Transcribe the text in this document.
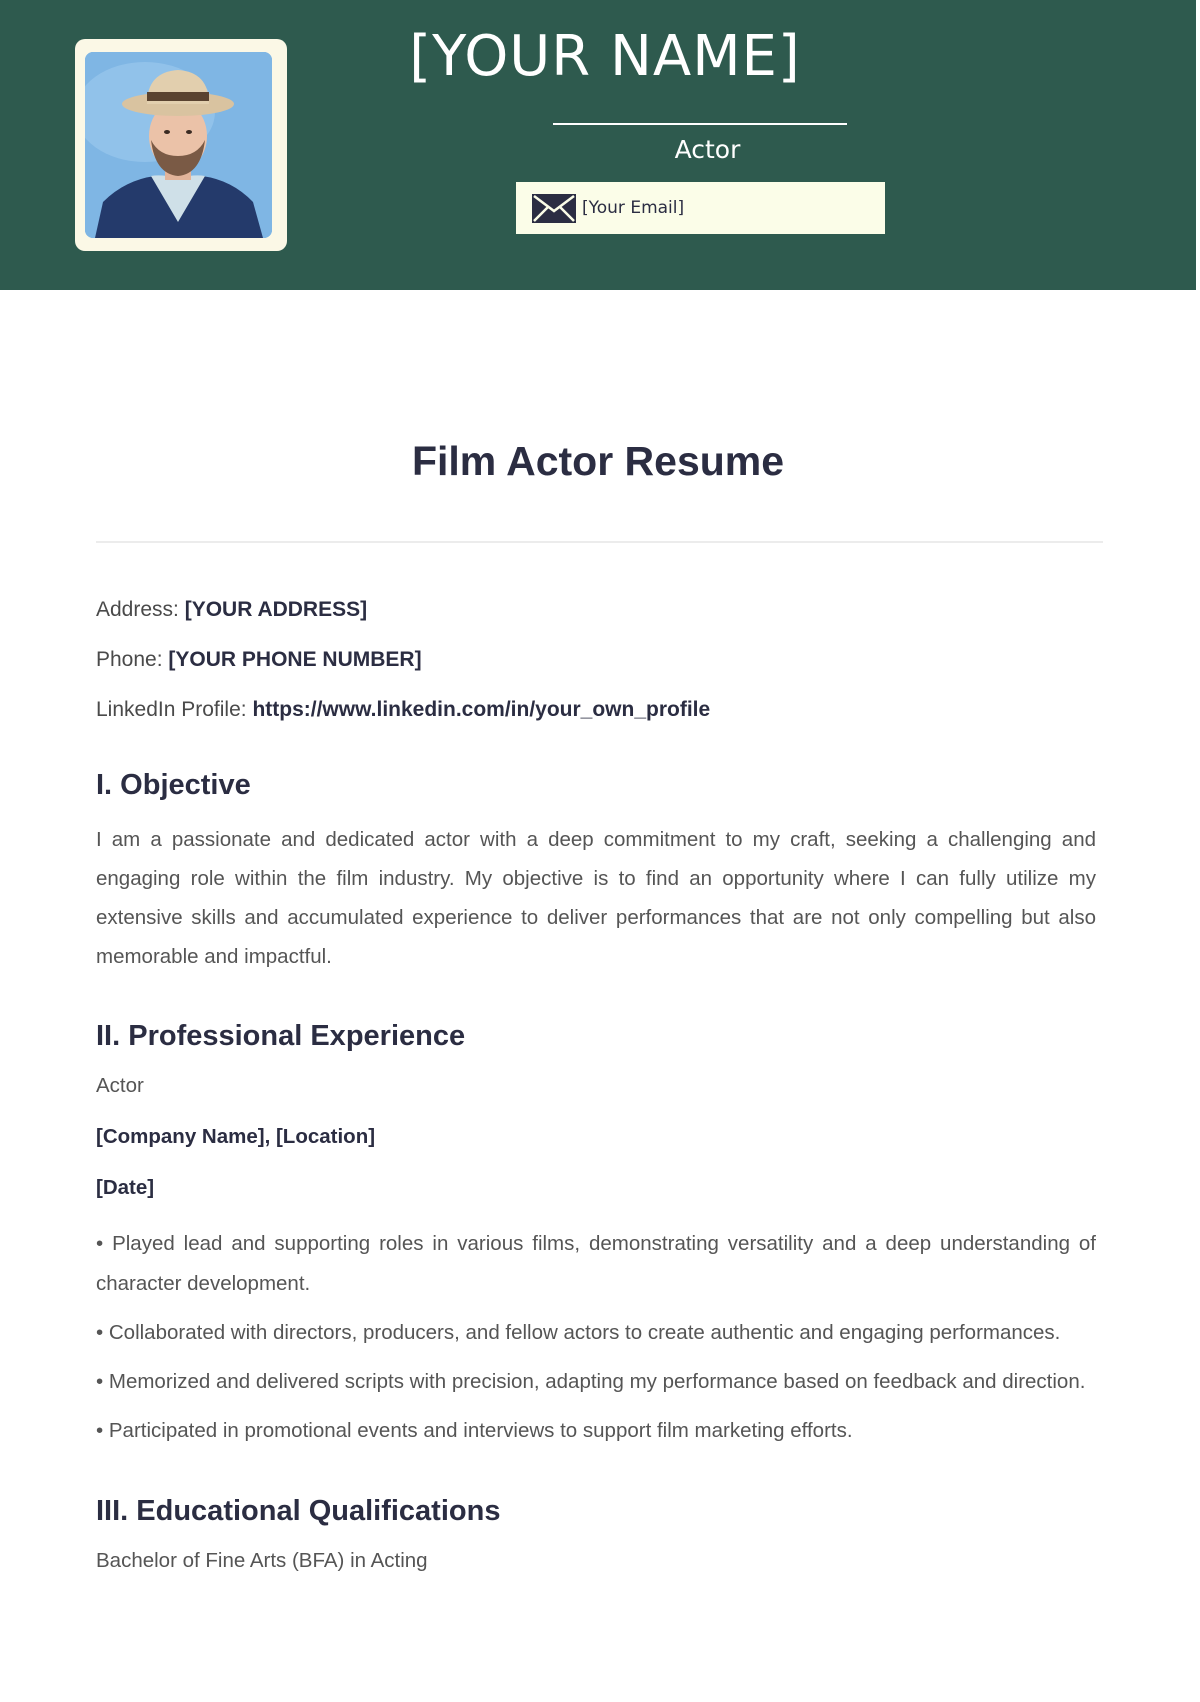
[YOUR NAME]
Actor
[Your Email]
Film Actor Resume

Address: [YOUR ADDRESS]

Phone: [YOUR PHONE NUMBER]

LinkedIn Profile: https://www.linkedin.com/in/your_own_profile

I. Objective

I am a passionate and dedicated actor with a deep commitment to my craft, seeking a challenging and engaging role within the film industry. My objective is to find an opportunity where I can fully utilize my extensive skills and accumulated experience to deliver performances that are not only compelling but also memorable and impactful.

II. Professional Experience

Actor

[Company Name], [Location]

[Date]

• Played lead and supporting roles in various films, demonstrating versatility and a deep understanding of character development.

• Collaborated with directors, producers, and fellow actors to create authentic and engaging performances.

• Memorized and delivered scripts with precision, adapting my performance based on feedback and direction.

• Participated in promotional events and interviews to support film marketing efforts.

III. Educational Qualifications

Bachelor of Fine Arts (BFA) in Acting
